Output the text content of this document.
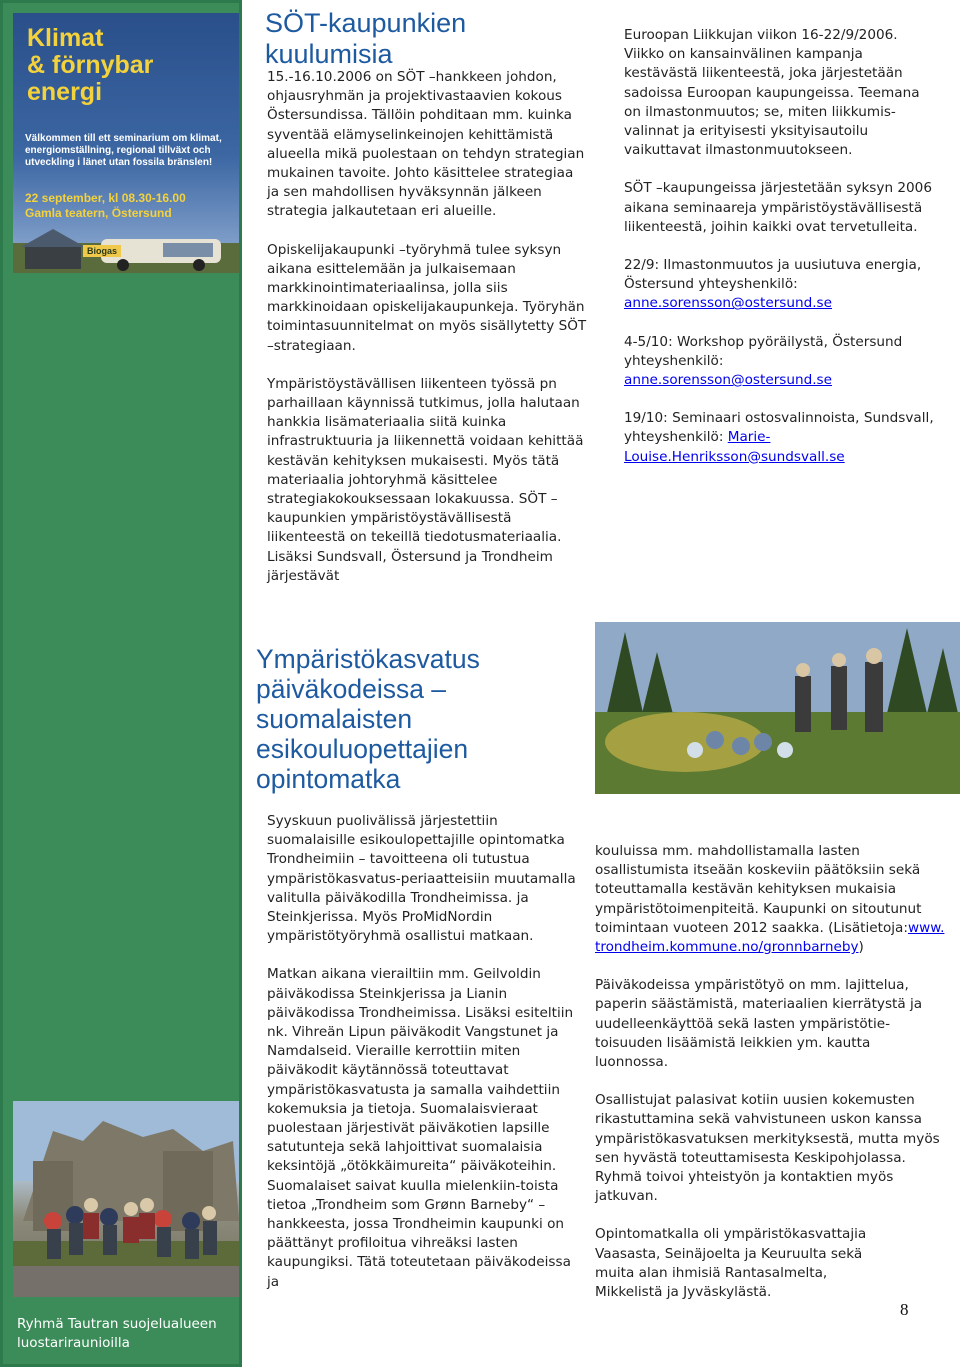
Klimat
& förnybar
energi
Välkommen till ett seminarium om klimat, energiomställning, regional tillväxt och utveckling i länet utan fossila bränslen!
22 september, kl 08.30-16.00
Gamla teatern, Östersund
Biogas
Ryhmä Tautran suojelualueen luostariraunioilla
SÖT-kaupunkien kuulumisia

15.-16.10.2006 on SÖT –hankkeen johdon, ohjausryhmän ja projektivastaavien kokous Östersundissa. Tällöin pohditaan mm. kuinka syventää elämyselinkeinojen kehittämistä alueella mikä puolestaan on tehdyn strategian mukainen tavoite. Johto käsittelee strategiaa ja sen mahdollisen hyväksynnän jälkeen strategia jalkautetaan eri alueille.

Opiskelijakaupunki –työryhmä tulee syksyn aikana esittelemään ja julkaisemaan markkinointimateriaalinsa, jolla siis markkinoidaan opiskelijakaupunkeja. Työryhän toimintasuunnitelmat on myös sisällytetty SÖT –strategiaan.

Ympäristöystävällisen liikenteen työssä pn parhaillaan käynnissä tutkimus, jolla halutaan hankkia lisämateriaalia siitä kuinka infrastruktuuria ja liikennettä voidaan kehittää kestävän kehityksen mukaisesti. Myös tätä materiaalia johtoryhmä käsittelee strategiakokouksessaan lokakuussa. SÖT –kaupunkien ympäristöystävällisestä liikenteestä on tekeillä tiedotusmateriaalia. Lisäksi Sundsvall, Östersund ja Trondheim järjestävät

Euroopan Liikkujan viikon 16-22/9/2006. Viikko on kansainvälinen kampanja kestävästä liikenteestä, joka järjestetään sadoissa Euroopan kaupungeissa. Teemana on ilmastonmuutos; se, miten liikkumis-valinnat ja erityisesti yksityisautoilu vaikuttavat ilmastonmuutokseen.

SÖT –kaupungeissa järjestetään syksyn 2006 aikana seminaareja ympäristöystävällisestä liikenteestä, joihin kaikki ovat tervetulleita.

22/9: Ilmastonmuutos ja uusiutuva energia, Östersund yhteyshenkilö: anne.sorensson@ostersund.se

4-5/10: Workshop pyöräilystä, Östersund yhteyshenkilö: anne.sorensson@ostersund.se

19/10: Seminaari ostosvalinnoista, Sundsvall, yhteyshenkilö: Marie-
Louise.Henriksson@sundsvall.se

Ympäristökasvatus päiväkodeissa – suomalaisten esikouluopettajien opintomatka

Syyskuun puolivälissä järjestettiin suomalaisille esikoulopettajille opintomatka Trondheimiin – tavoitteena oli tutustua ympäristökasvatus-periaatteisiin muutamalla valitulla päiväkodilla Trondheimissa. ja Steinkjerissa. Myös ProMidNordin ympäristötyöryhmä osallistui matkaan.

Matkan aikana vierailtiin mm. Geilvoldin päiväkodissa Steinkjerissa ja Lianin päiväkodissa Trondheimissa. Lisäksi esiteltiin nk. Vihreän Lipun päiväkodit Vangstunet ja Namdalseid. Vieraille kerrottiin miten päiväkodit käytännössä toteuttavat ympäristökasvatusta ja samalla vaihdettiin kokemuksia ja tietoja. Suomalaisvieraat puolestaan järjestivät päiväkotien lapsille satutunteja sekä lahjoittivat suomalaisia keksintöjä „ötökkäimureita“ päiväkoteihin. Suomalaiset saivat kuulla mielenkiin-toista tietoa „Trondheim som Grønn Barneby“ –hankkeesta, jossa Trondheimin kaupunki on päättänyt profiloitua vihreäksi lasten kaupungiksi. Tätä toteutetaan päiväkodeissa ja

kouluissa mm. mahdollistamalla lasten osallistumista itseään koskeviin päätöksiin sekä toteuttamalla kestävän kehityksen mukaisia ympäristötoimenpiteitä. Kaupunki on sitoutunut toimintaan vuoteen 2012 saakka. (Lisätietoja:www.trondheim.kommune.no/gronnbarneby)

Päiväkodeissa ympäristötyö on mm. lajittelua, paperin säästämistä, materiaalien kierrätystä ja uudelleenkäyttöä sekä lasten ympäristötie-toisuuden lisäämistä leikkien ym. kautta luonnossa.

Osallistujat palasivat kotiin uusien kokemusten rikastuttamina sekä vahvistuneen uskon kanssa ympäristökasvatuksen merkityksestä, mutta myös sen hyvästä toteuttamisesta Keskipohjolassa. Ryhmä toivoi yhteistyön ja kontaktien myös jatkuvan.

Opintomatkalla oli ympäristökasvattajia Vaasasta, Seinäjoelta ja Keuruulta sekä muita alan ihmisiä Rantasalmelta, Mikkelistä ja Jyväskylästä.

8
